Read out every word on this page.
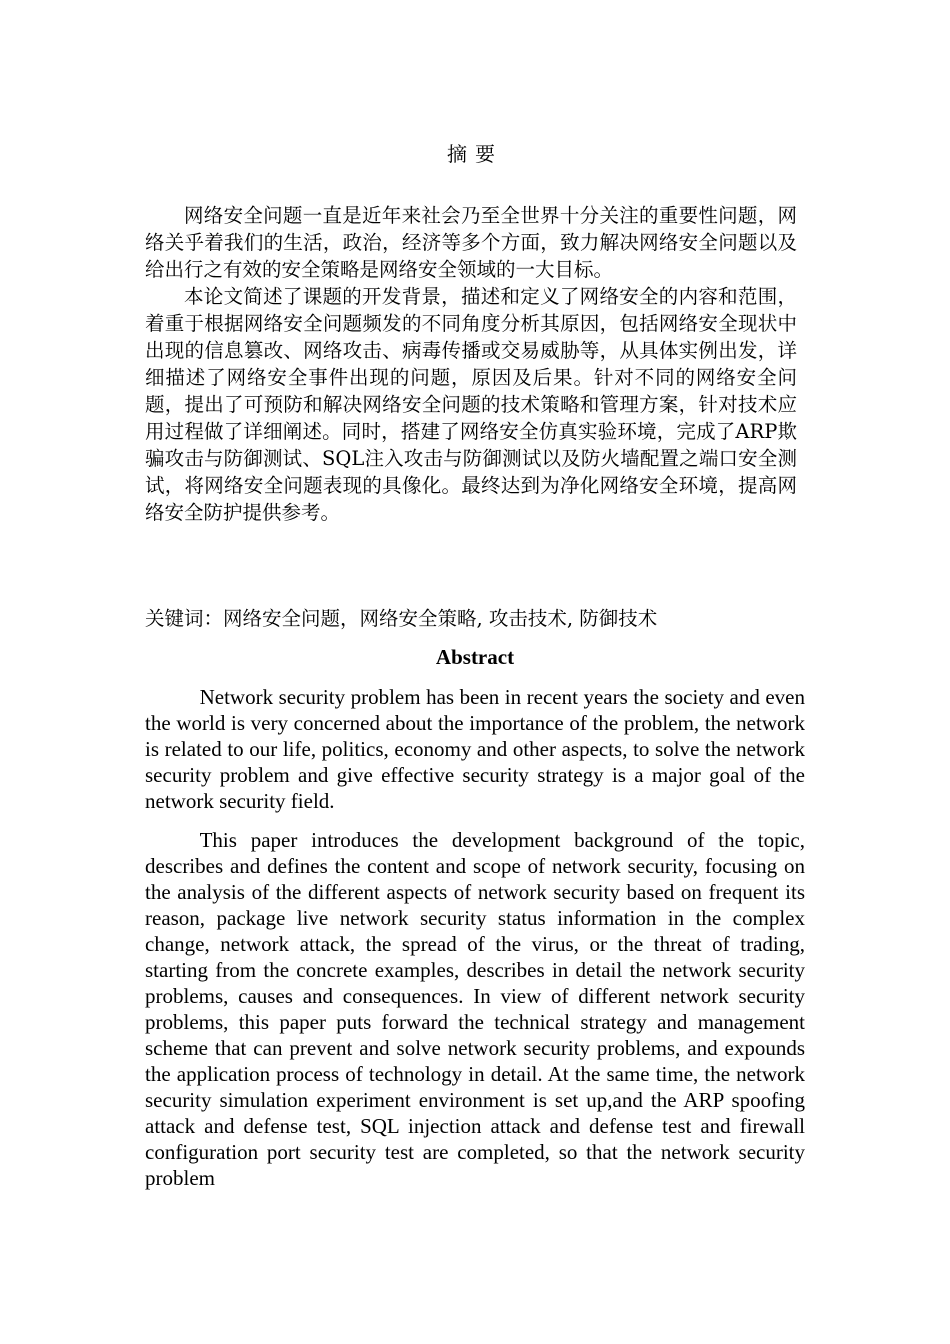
摘要

网络安全问题一直是近年来社会乃至全世界十分关注的重要性问题，网络关乎着我们的生活，政治，经济等多个方面，致力解决网络安全问题以及给出行之有效的安全策略是网络安全领域的一大目标。

本论文简述了课题的开发背景，描述和定义了网络安全的内容和范围，着重于根据网络安全问题频发的不同角度分析其原因，包括网络安全现状中出现的信息篡改、网络攻击、病毒传播或交易威胁等，从具体实例出发，详细描述了网络安全事件出现的问题，原因及后果。针对不同的网络安全问题，提出了可预防和解决网络安全问题的技术策略和管理方案，针对技术应用过程做了详细阐述。同时，搭建了网络安全仿真实验环境，完成了ARP欺骗攻击与防御测试、SQL注入攻击与防御测试以及防火墙配置之端口安全测试，将网络安全问题表现的具像化。最终达到为净化网络安全环境，提高网络安全防护提供参考。

关键词：网络安全问题，网络安全策略, 攻击技术, 防御技术
Abstract

Network security problem has been in recent years the society and even the world is very concerned about the importance of the problem, the network is related to our life, politics, economy and other aspects, to solve the network security problem and give effective security strategy is a major goal of the network security field.

This paper introduces the development background of the topic, describes and defines the content and scope of network security, focusing on the analysis of the different aspects of network security based on frequent its reason, package live network security status information in the complex change, network attack, the spread of the virus, or the threat of trading, starting from the concrete examples, describes in detail the network security problems, causes and consequences. In view of different network security problems, this paper puts forward the technical strategy and management scheme that can prevent and solve network security problems, and expounds the application process of technology in detail. At the same time, the network security simulation experiment environment is set up,and the ARP spoofing attack and defense test, SQL injection attack and defense test and firewall configuration port security test are completed, so that the network security problem
